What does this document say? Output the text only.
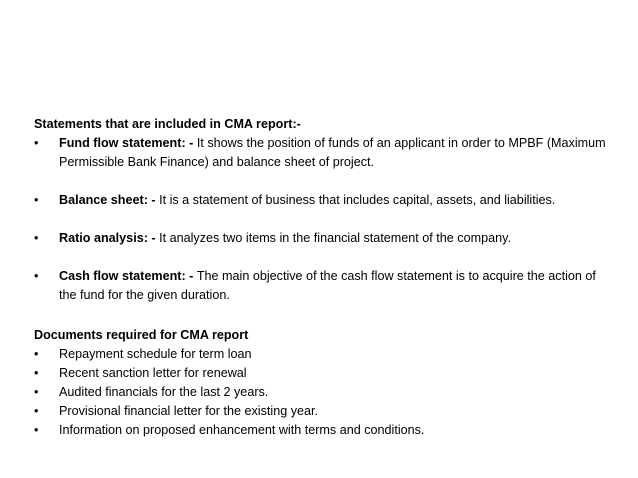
Statements that are included in CMA report:-

•	Fund flow statement: - It shows the position of funds of an applicant in order to MPBF (Maximum Permissible Bank Finance) and balance sheet of project.
•	Balance sheet: - It is a statement of business that includes capital, assets, and liabilities.
•	Ratio analysis: - It analyzes two items in the financial statement of the company.
•	Cash flow statement: - The main objective of the cash flow statement is to acquire the action of the fund for the given duration.

Documents required for CMA report

•	Repayment schedule for term loan
•	Recent sanction letter for renewal
•	Audited financials for the last 2 years.
•	Provisional financial letter for the existing year.
•	Information on proposed enhancement with terms and conditions.
